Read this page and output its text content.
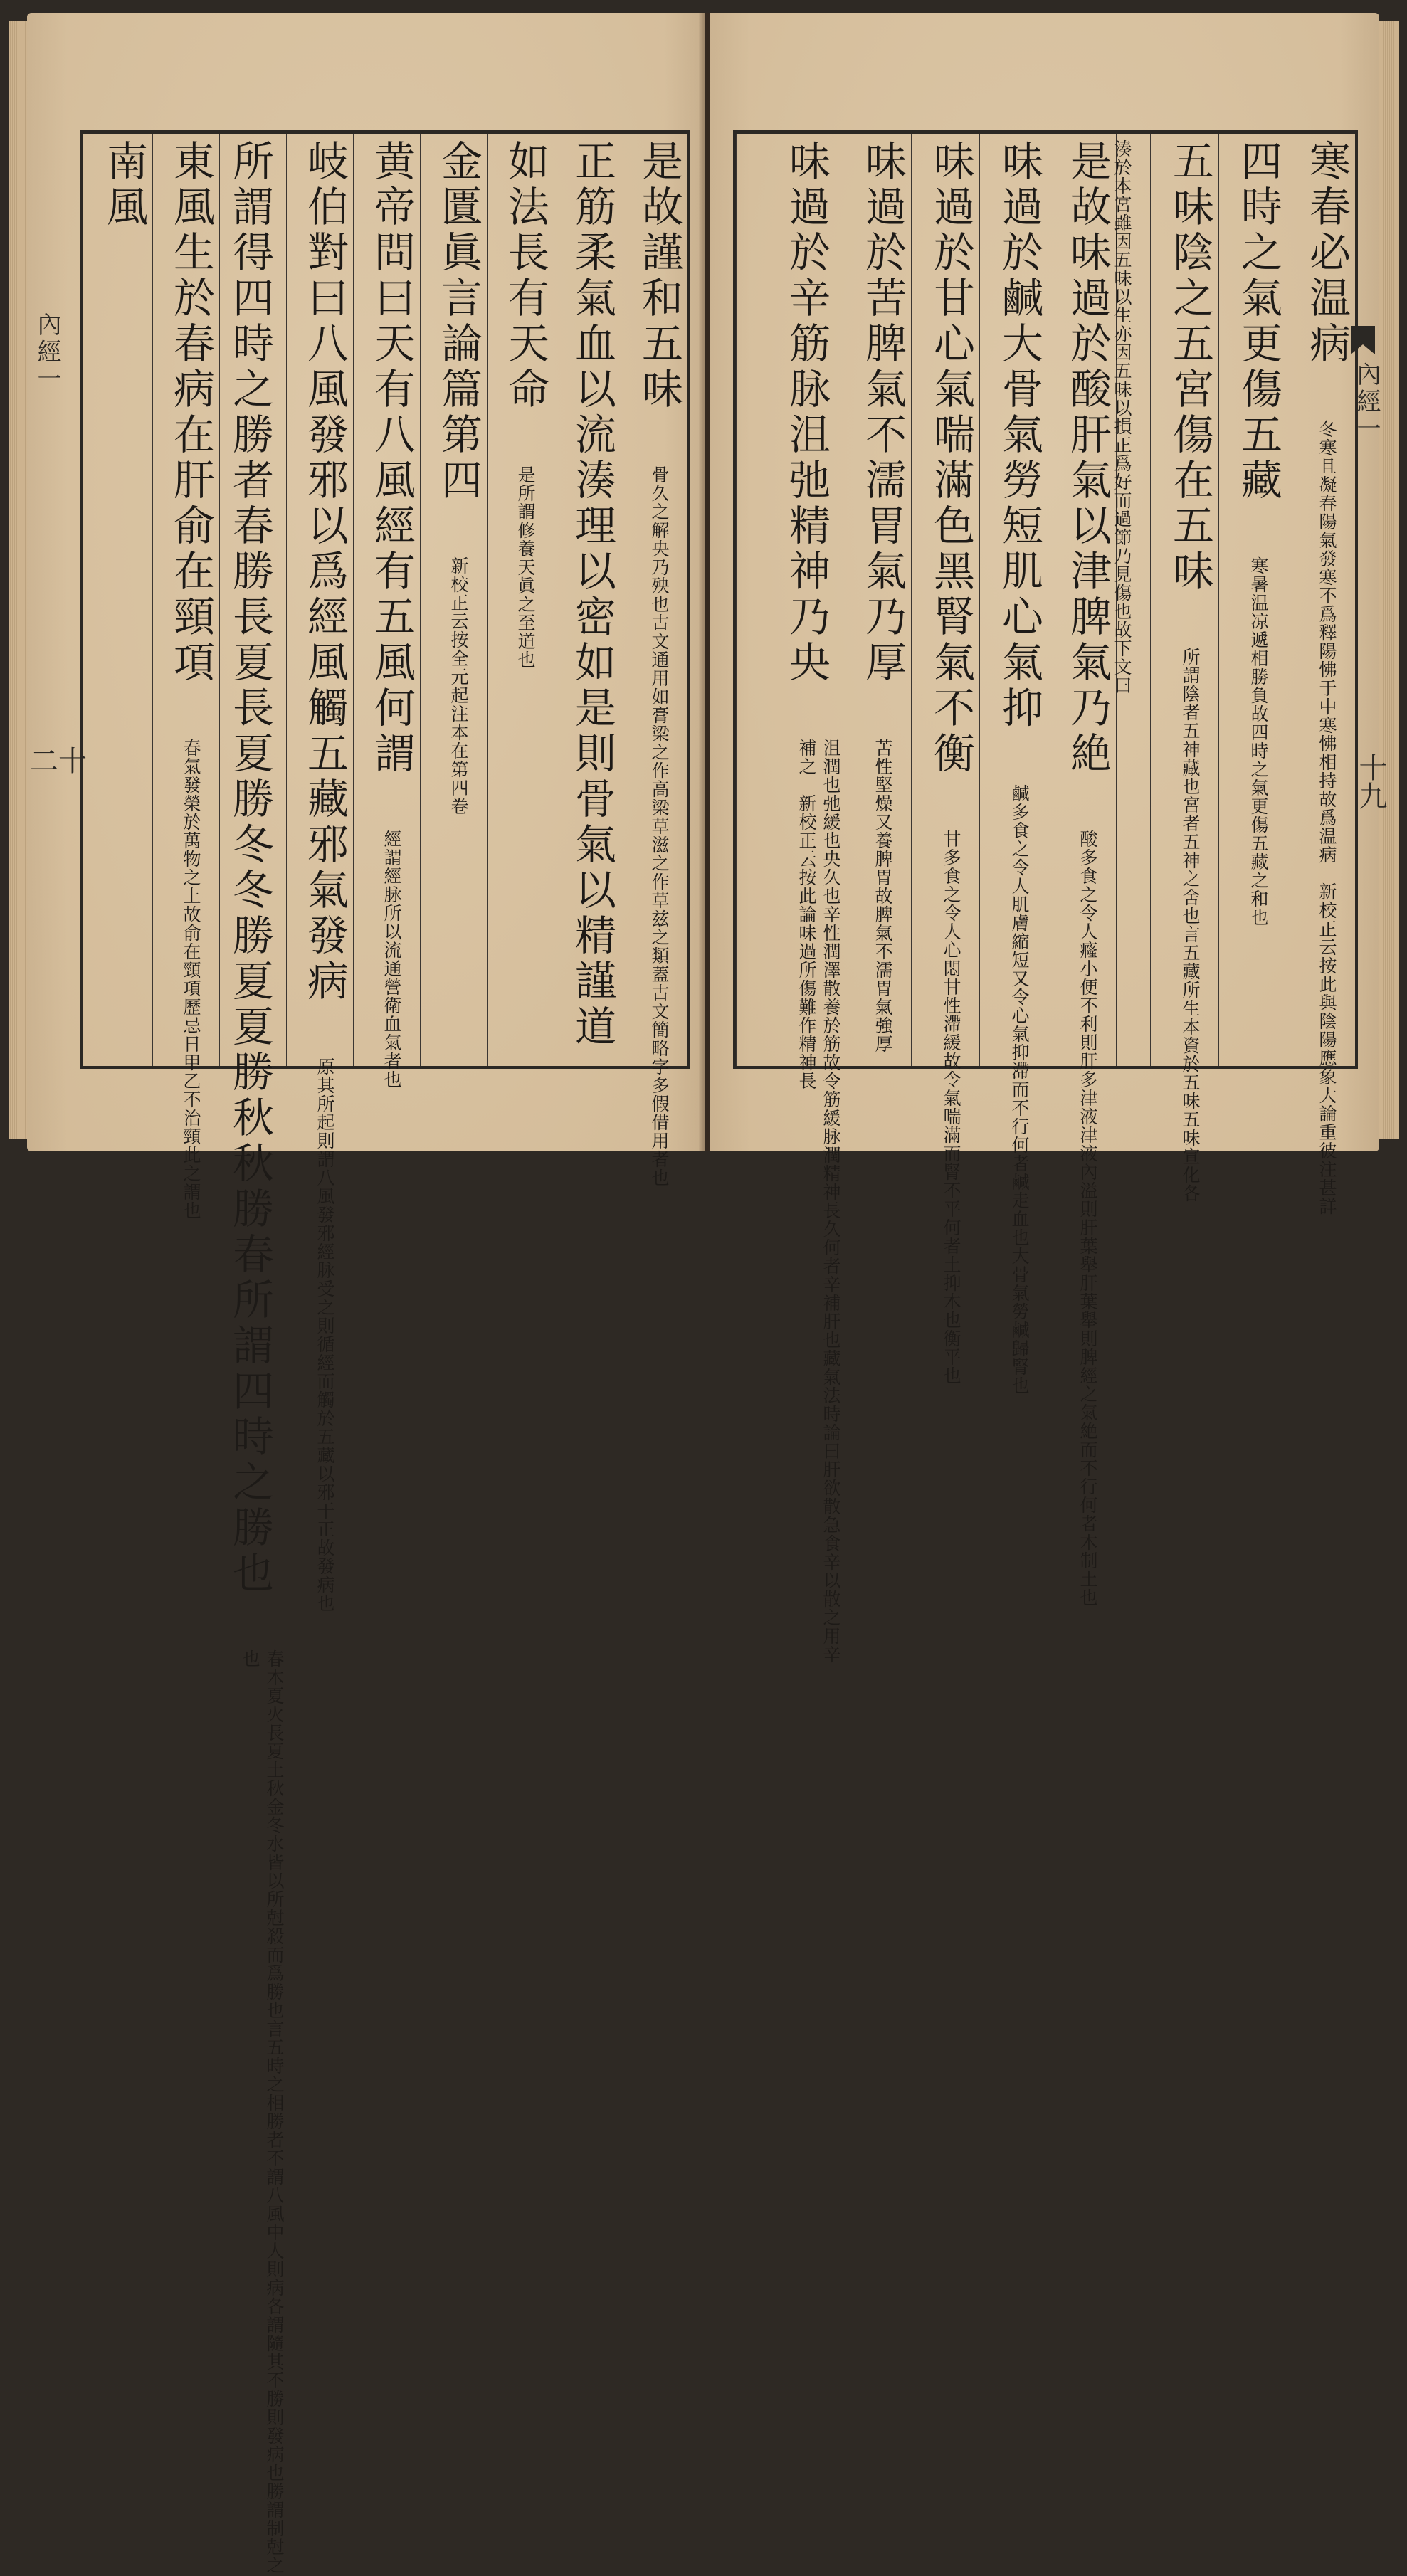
內經一
二十
內經一
十九
是故謹和五味 骨久之解央乃殃也古文通用如膏梁之作高梁草滋之作草兹之類蓋古文簡略字多假借用者也
正筋柔氣血以流湊理以密如是則骨氣以精謹道
如法長有天命 是所謂修養天眞之至道也
金匱眞言論篇第四 新校正云按全元起注本在第四卷
黄帝問曰天有八風經有五風何謂 經謂經脉所以流通營衛血氣者也
岐伯對曰八風發邪以爲經風觸五藏邪氣發病 原其所起則謂八風發邪經脉受之則循經而觸於五藏以邪干正故發病也
所謂得四時之勝者春勝長夏長夏勝冬冬勝夏夏勝秋秋勝春所謂四時之勝也 春木夏火長夏土秋金冬水皆以所尅殺而爲勝也言五時之相勝者不謂八風中人則病各謂隨其不勝則發病也勝謂制尅之也
東風生於春病在肝俞在頸項 春氣發榮於萬物之上故俞在頸項歷忌日甲乙不治頸此之謂也
南風	寒春必温病 冬寒且凝春陽氣發寒不爲釋陽怫于中寒怫相持故爲温病　新校正云按此與陰陽應象大論重彼注甚詳
四時之氣更傷五藏 寒暑温凉遞相勝負故四時之氣更傷五藏之和也
五味陰之五宮傷在五味 所謂陰者五神藏也宮者五神之舍也言五藏所生本資於五味五味宣化各
湊於本宮雖因五味以生亦因五味以損正爲好而過節乃見傷也故下文曰
是故味過於酸肝氣以津脾氣乃絶 酸多食之令人癃小便不利則肝多津液津液內溢則肝葉舉肝葉舉則脾經之氣絶而不行何者木制土也
味過於鹹大骨氣勞短肌心氣抑 鹹多食之令人肌膚縮短又令心氣抑滯而不行何者鹹走血也大骨氣勞鹹歸腎也
味過於甘心氣喘滿色黑腎氣不衡 甘多食之令人心悶甘性滯緩故令氣喘滿而腎不平何者土抑木也衡平也
味過於苦脾氣不濡胃氣乃厚 苦性堅燥又養脾胃故脾氣不濡胃氣強厚
味過於辛筋脉沮弛精神乃央 沮潤也弛緩也央久也辛性潤澤散養於筋故令筋緩脉潤精神長久何者辛補肝也藏氣法時論曰肝欲散急食辛以散之用辛補之　新校正云按此論味過所傷難作精神長
